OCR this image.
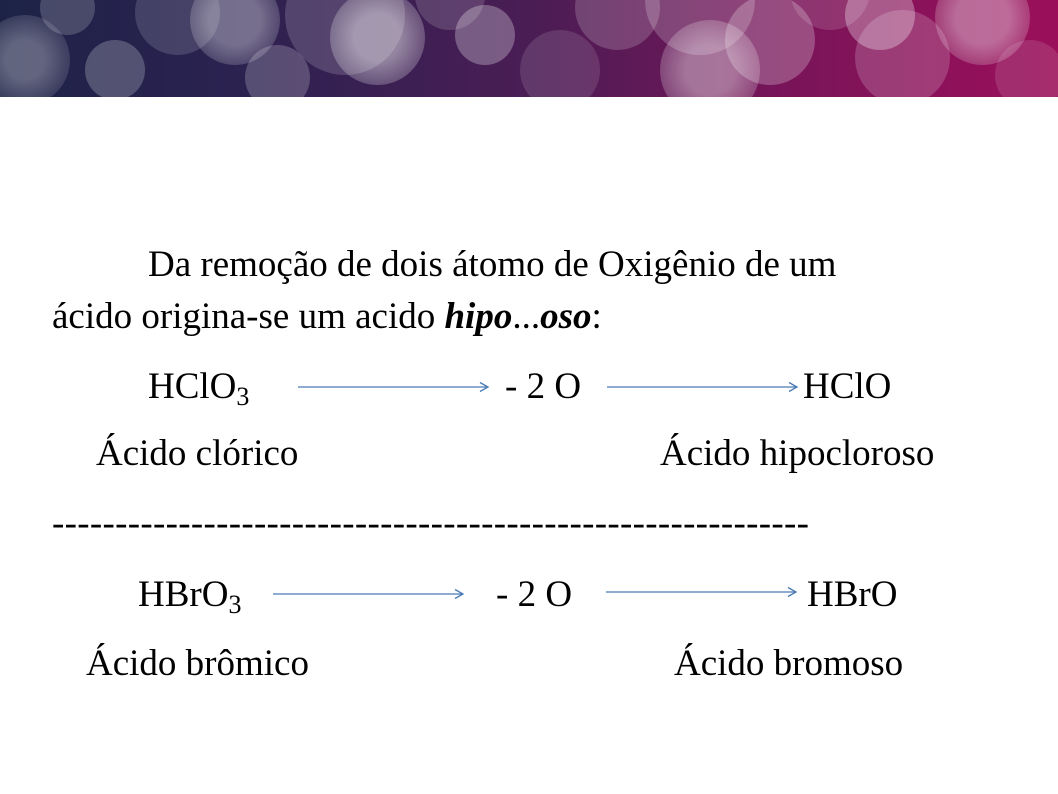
Da remoção de dois átomo de Oxigênio de um
ácido origina-se um acido hipo...oso:
HClO$_3$	- 2 O	HClO
Ácido clórico	Ácido hipocloroso
------------------------------------------------------------
HBrO$_3$	- 2 O	HBrO
Ácido brômico	Ácido bromoso
